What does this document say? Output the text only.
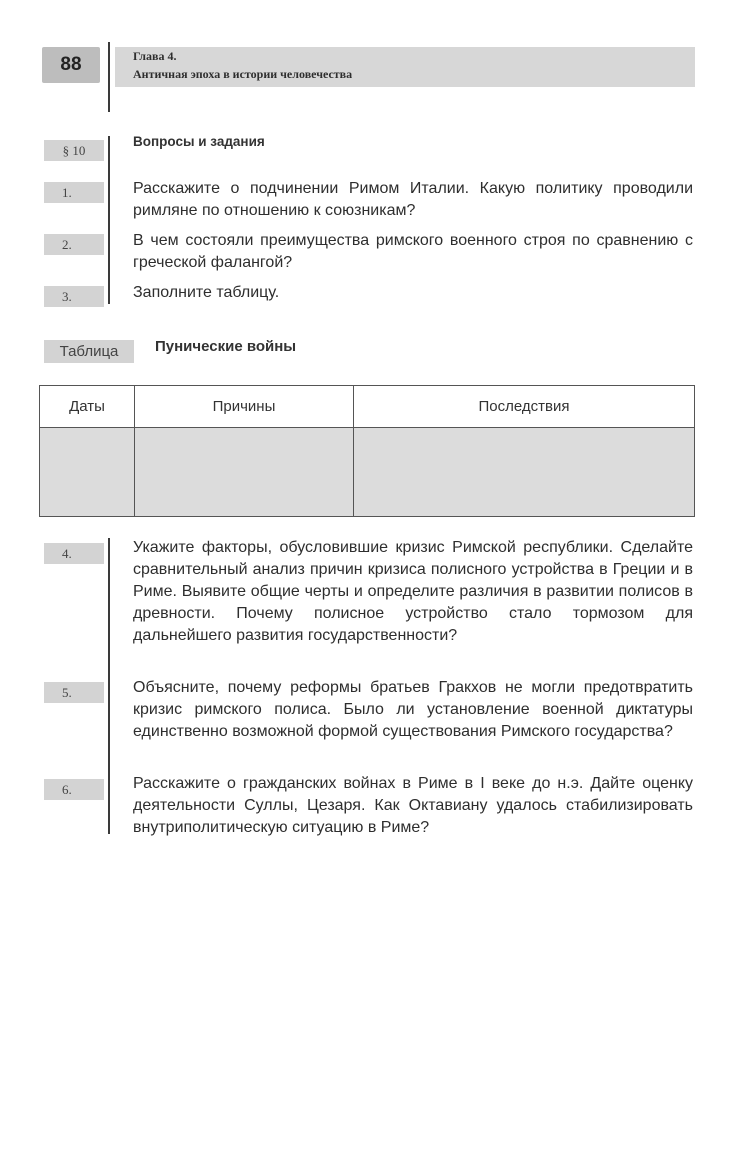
88	Глава 4.
Античная эпоха в истории человечества
§ 10
Вопросы и задания
1.	Расскажите о подчинении Римом Италии. Какую политику проводили римляне по отношению к союзникам?
2.	В чем состояли преимущества римского военного строя по сравнению с греческой фалангой?
3.	Заполните таблицу.
Таблица	Пунические войны
Даты	Причины	Последствия

4.	Укажите факторы, обусловившие кризис Римской республики. Сделайте сравнительный анализ причин кризиса полисного устройства в Греции и в Риме. Выявите общие черты и определите различия в развитии полисов в древности. Почему полисное устройство стало тормозом для дальнейшего развития государственности?
5.	Объясните, почему реформы братьев Гракхов не могли предотвратить кризис римского полиса. Было ли установление военной диктатуры единственно возможной формой существования Римского государства?
6.	Расскажите о гражданских войнах в Риме в I веке до н.э. Дайте оценку деятельности Суллы, Цезаря. Как Октавиану удалось стабилизировать внутриполитическую ситуацию в Риме?
